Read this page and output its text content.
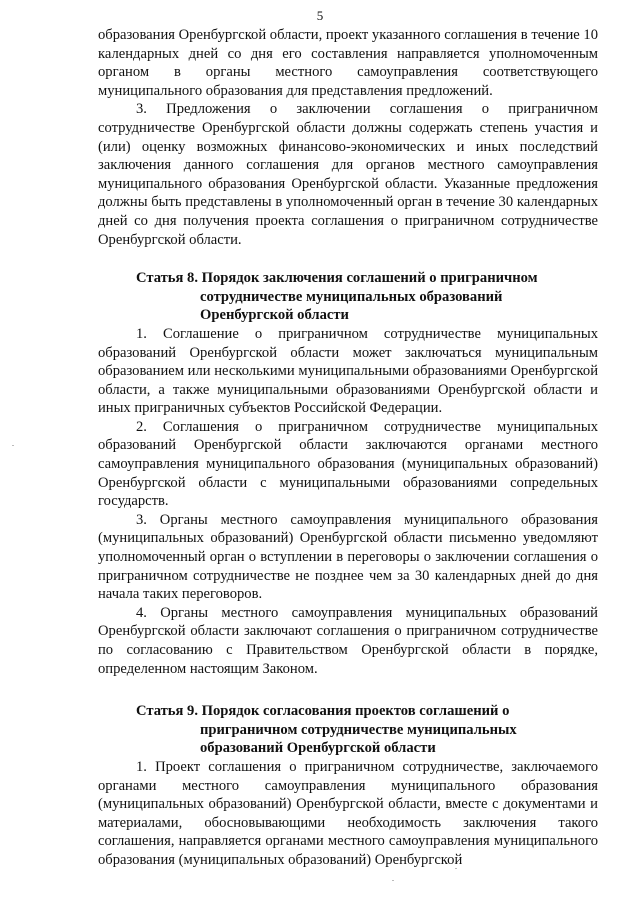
5

образования Оренбургской области, проект указанного соглашения в течение 10 календарных дней со дня его составления направляется уполномоченным органом в органы местного самоуправления соответствующего муниципального образования для представления предложений.

3. Предложения о заключении соглашения о приграничном сотрудничестве Оренбургской области должны содержать степень участия и (или) оценку возможных финансово-экономических и иных последствий заключения данного соглашения для органов местного самоуправления муниципального образования Оренбургской области. Указанные предложения должны быть представлены в уполномоченный орган в течение 30 календарных дней со дня получения проекта соглашения о приграничном сотрудничестве Оренбургской области.

Статья 8. Порядок заключения соглашений о приграничном
сотрудничестве муниципальных образований
Оренбургской области

1. Соглашение о приграничном сотрудничестве муниципальных образований Оренбургской области может заключаться муниципальным образованием или несколькими муниципальными образованиями Оренбургской области, а также муниципальными образованиями Оренбургской области и иных приграничных субъектов Российской Федерации.

2. Соглашения о приграничном сотрудничестве муниципальных образований Оренбургской области заключаются органами местного самоуправления муниципального образования (муниципальных образований) Оренбургской области с муниципальными образованиями сопредельных государств.

3. Органы местного самоуправления муниципального образования (муниципальных образований) Оренбургской области письменно уведомляют уполномоченный орган о вступлении в переговоры о заключении соглашения о приграничном сотрудничестве не позднее чем за 30 календарных дней до дня начала таких переговоров.

4. Органы местного самоуправления муниципальных образований Оренбургской области заключают соглашения о приграничном сотрудничестве по согласованию с Правительством Оренбургской области в порядке, определенном настоящим Законом.

Статья 9. Порядок согласования проектов соглашений о
приграничном сотрудничестве муниципальных
образований Оренбургской области

1. Проект соглашения о приграничном сотрудничестве, заключаемого органами местного самоуправления муниципального образования (муниципальных образований) Оренбургской области, вместе с документами и материалами, обосновывающими необходимость заключения такого соглашения, направляется органами местного самоуправления муниципального образования (муниципальных образований) Оренбургской
